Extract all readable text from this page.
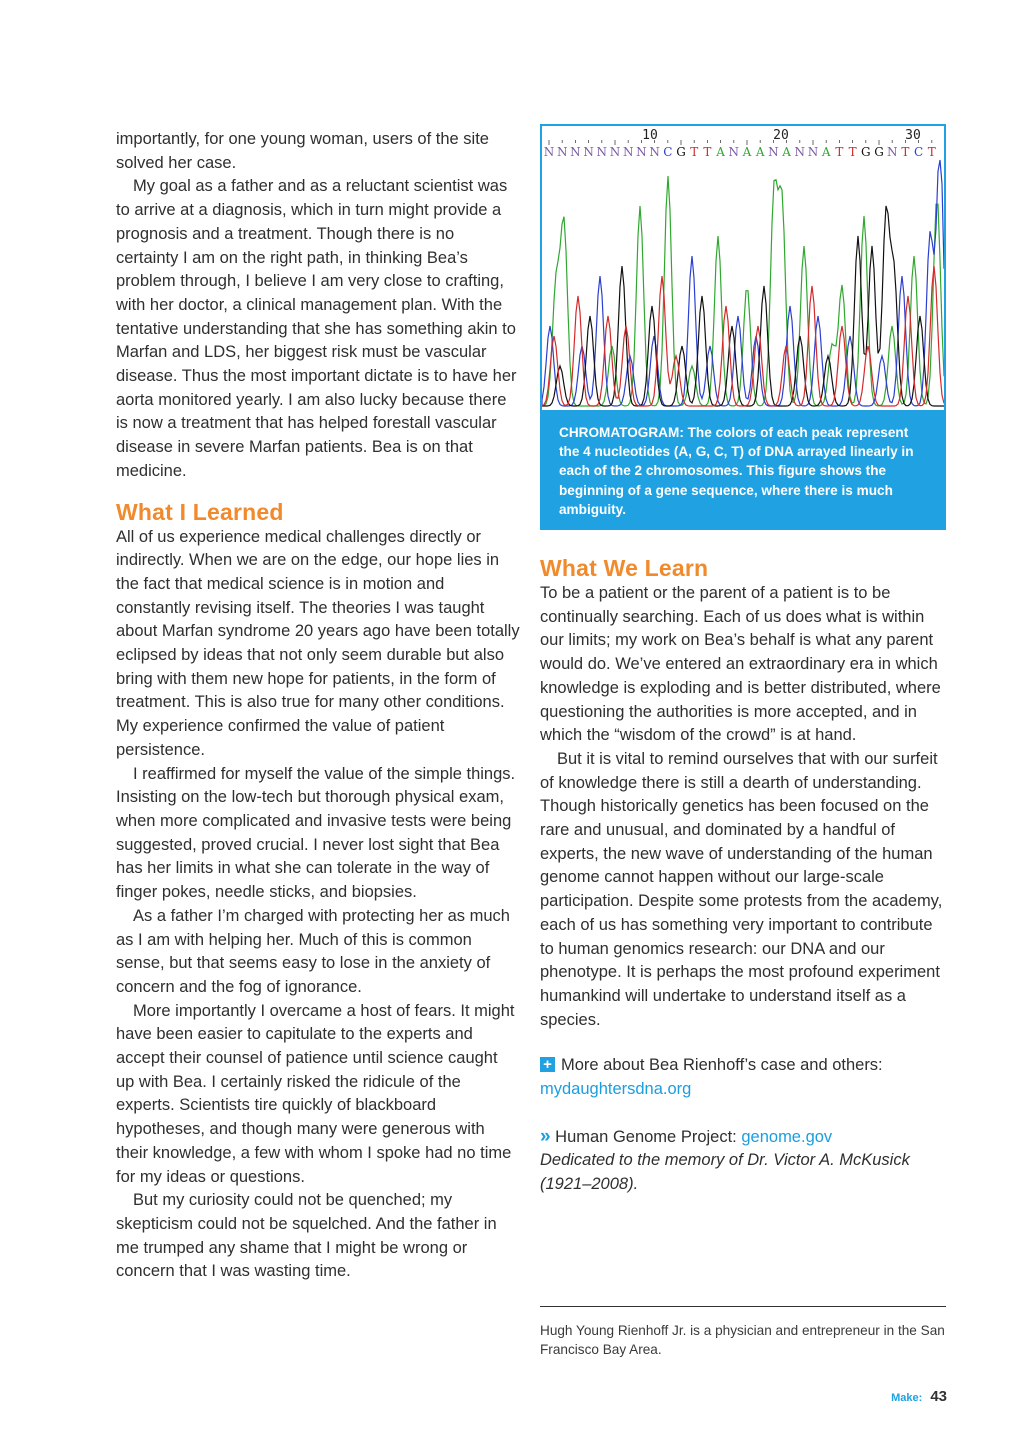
importantly, for one young woman, users of the site solved her case.

My goal as a father and as a reluctant scientist was to arrive at a diagnosis, which in turn might provide a prognosis and a treatment. Though there is no certainty I am on the right path, in thinking Bea’s problem through, I believe I am very close to crafting, with her doctor, a clinical management plan. With the tentative understanding that she has something akin to Marfan and LDS, her biggest risk must be vascular disease. Thus the most important dictate is to have her aorta monitored yearly. I am also lucky because there is now a treatment that has helped forestall vascular disease in severe Marfan patients. Bea is on that medicine.

What I Learned

All of us experience medical challenges directly or indirectly. When we are on the edge, our hope lies in the fact that medical science is in motion and constantly revising itself. The theories I was taught about Marfan syndrome 20 years ago have been totally eclipsed by ideas that not only seem durable but also bring with them new hope for patients, in the form of treatment. This is also true for many other conditions. My experience confirmed the value of patient persistence.

I reaffirmed for myself the value of the simple things. Insisting on the low-tech but thorough physical exam, when more complicated and invasive tests were being suggested, proved crucial. I never lost sight that Bea has her limits in what she can tolerate in the way of finger pokes, needle sticks, and biopsies.

As a father I’m charged with protecting her as much as I am with helping her. Much of this is common sense, but that seems easy to lose in the anxiety of concern and the fog of ignorance.

More importantly I overcame a host of fears. It might have been easier to capitulate to the experts and accept their counsel of patience until science caught up with Bea. I certainly risked the ridicule of the experts. Scientists tire quickly of blackboard hypotheses, and though many were generous with their knowledge, a few with whom I spoke had no time for my ideas or questions.

But my curiosity could not be quenched; my skepticism could not be squelched. And the father in me trumped any shame that I might be wrong or concern that I was wasting time.

10	20	30
N N N N N N N N N C G T T A N A A N A N N A T T G G N T C T
CHROMATOGRAM: The colors of each peak represent the 4 nucleotides (A, G, C, T) of DNA arrayed linearly in each of the 2 chromosomes. This figure shows the beginning of a gene sequence, where there is much ambiguity.
What We Learn

To be a patient or the parent of a patient is to be continually searching. Each of us does what is within our limits; my work on Bea’s behalf is what any parent would do. We’ve entered an extraordinary era in which knowledge is exploding and is better distributed, where questioning the authorities is more accepted, and in which the “wisdom of the crowd” is at hand.

But it is vital to remind ourselves that with our surfeit of knowledge there is still a dearth of understanding. Though historically genetics has been focused on the rare and unusual, and dominated by a handful of experts, the new wave of understanding of the human genome cannot happen without our large-scale participation. Despite some protests from the academy, each of us has something very important to contribute to human genomics research: our DNA and our phenotype. It is perhaps the most profound experiment humankind will undertake to understand itself as a species.

+ More about Bea Rienhoff’s case and others:
mydaughtersdna.org
» Human Genome Project: genome.gov

Dedicated to the memory of Dr. Victor A. McKusick (1921–2008).

Hugh Young Rienhoff Jr. is a physician and entrepreneur in the San Francisco Bay Area.
Make: 43
